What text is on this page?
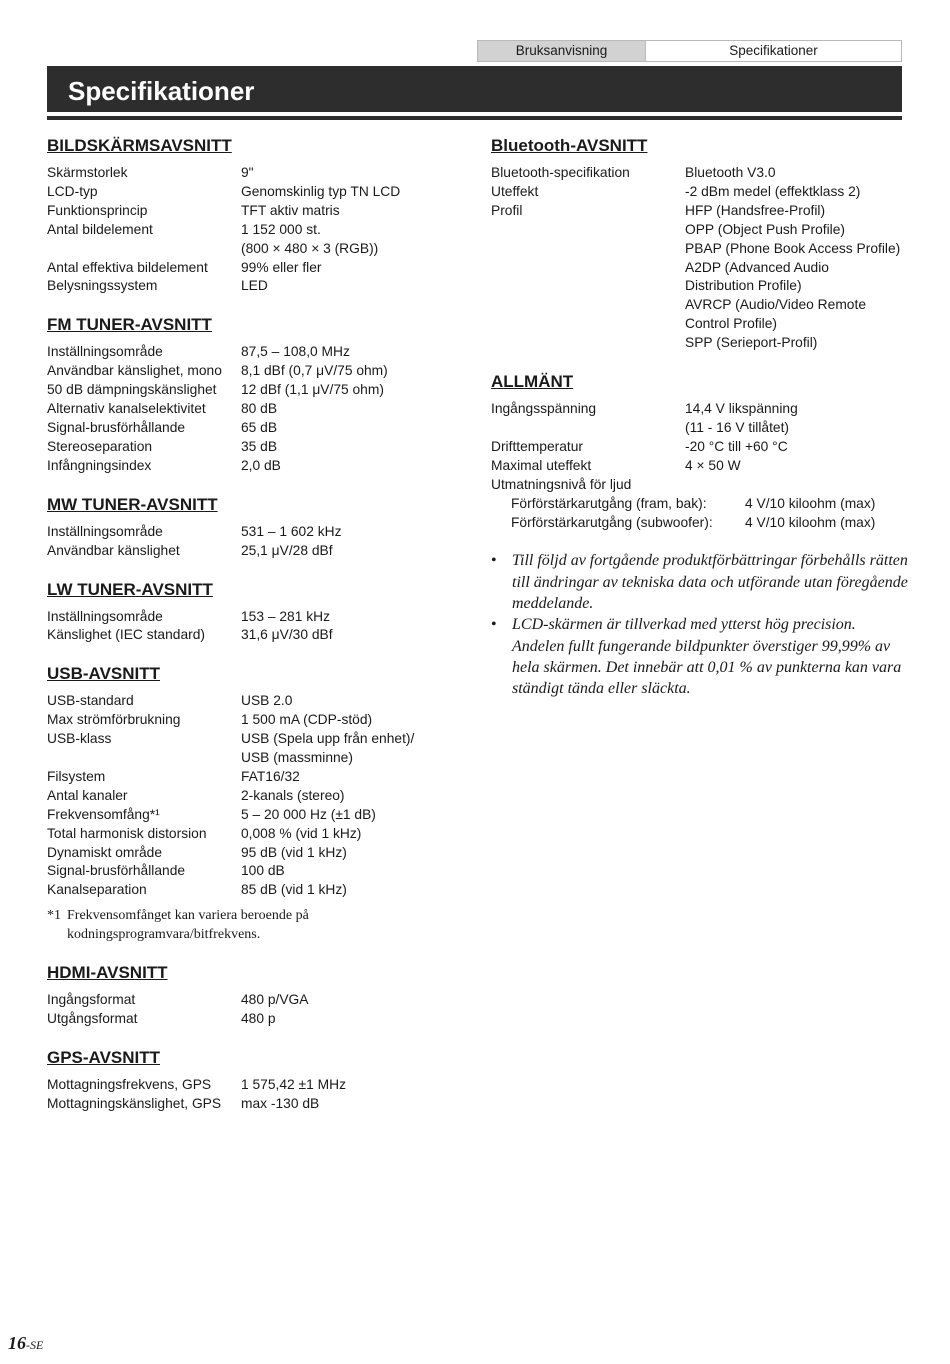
Bruksanvisning	Specifikationer
Specifikationer
BILDSKÄRMSAVSNITT
Skärmstorlek	9"
LCD-typ	Genomskinlig typ TN LCD
Funktionsprincip	TFT aktiv matris
Antal bildelement	1 152 000 st.
(800 × 480 × 3 (RGB))
Antal effektiva bildelement	99% eller fler
Belysningssystem	LED
FM TUNER-AVSNITT
Inställningsområde	87,5 – 108,0 MHz
Användbar känslighet, mono	8,1 dBf (0,7 μV/75 ohm)
50 dB dämpningskänslighet	12 dBf (1,1 μV/75 ohm)
Alternativ kanalselektivitet	80 dB
Signal-brusförhållande	65 dB
Stereoseparation	35 dB
Infångningsindex	2,0 dB
MW TUNER-AVSNITT
Inställningsområde	531 – 1 602 kHz
Användbar känslighet	25,1 μV/28 dBf
LW TUNER-AVSNITT
Inställningsområde	153 – 281 kHz
Känslighet (IEC standard)	31,6 μV/30 dBf
USB-AVSNITT
USB-standard	USB 2.0
Max strömförbrukning	1 500 mA (CDP-stöd)
USB-klass	USB (Spela upp från enhet)/
USB (massminne)
Filsystem	FAT16/32
Antal kanaler	2-kanals (stereo)
Frekvensomfång*¹	5 – 20 000 Hz (±1 dB)
Total harmonisk distorsion	0,008 % (vid 1 kHz)
Dynamiskt område	95 dB (vid 1 kHz)
Signal-brusförhållande	100 dB
Kanalseparation	85 dB (vid 1 kHz)
*1 Frekvensomfånget kan variera beroende på kodningsprogramvara/bitfrekvens.
HDMI-AVSNITT
Ingångsformat	480 p/VGA
Utgångsformat	480 p
GPS-AVSNITT
Mottagningsfrekvens, GPS	1 575,42 ±1 MHz
Mottagningskänslighet, GPS	max -130 dB
Bluetooth-AVSNITT
Bluetooth-specifikation	Bluetooth V3.0
Uteffekt	-2 dBm medel (effektklass 2)
Profil	HFP (Handsfree-Profil)
OPP (Object Push Profile)
PBAP (Phone Book Access Profile)
A2DP (Advanced Audio
Distribution Profile)
AVRCP (Audio/Video Remote
Control Profile)
SPP (Serieport-Profil)
ALLMÄNT
Ingångsspänning	14,4 V likspänning
(11 - 16 V tillåtet)
Drifttemperatur	-20 °C till +60 °C
Maximal uteffekt	4 × 50 W
Utmatningsnivå för ljud
Förförstärkarutgång (fram, bak):	4 V/10 kiloohm (max)
Förförstärkarutgång (subwoofer):	4 V/10 kiloohm (max)
• Till följd av fortgående produktförbättringar förbehålls rätten till ändringar av tekniska data och utförande utan föregående meddelande.
• LCD-skärmen är tillverkad med ytterst hög precision. Andelen fullt fungerande bildpunkter överstiger 99,99% av hela skärmen. Det innebär att 0,01 % av punkterna kan vara ständigt tända eller släckta.
16-SE
